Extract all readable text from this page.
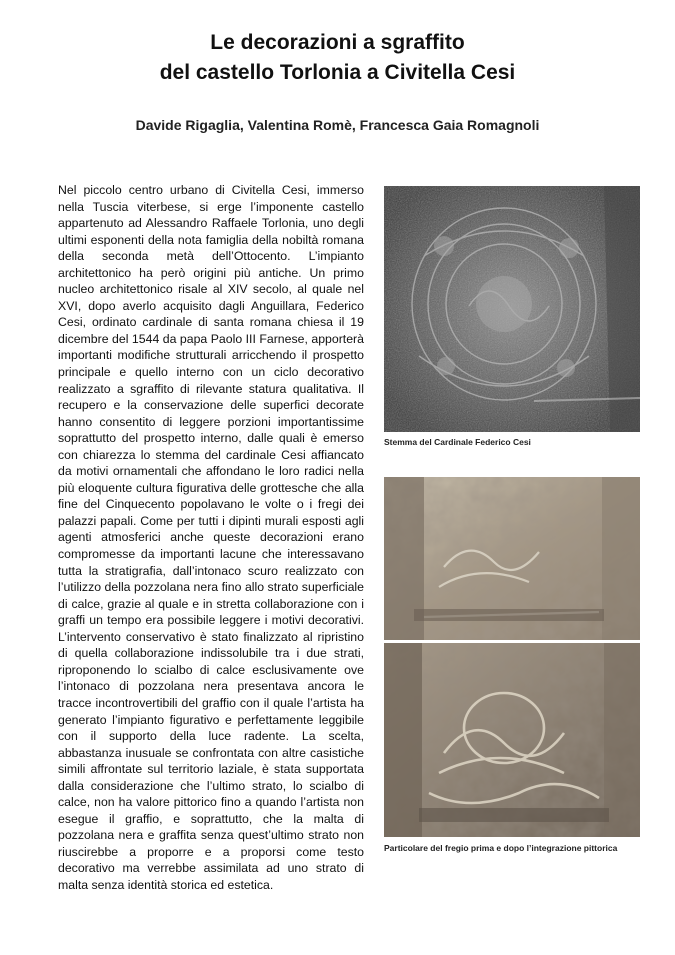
Le decorazioni a sgraffito
del castello Torlonia a Civitella Cesi
Davide Rigaglia, Valentina Romè, Francesca Gaia Romagnoli
Nel piccolo centro urbano di Civitella Cesi, immerso nella Tuscia viterbese, si erge l’imponente castello appartenuto ad Alessandro Raffaele Torlonia, uno degli ultimi esponenti della nota famiglia della nobiltà romana della seconda metà dell’Ottocento. L’impianto architettonico ha però origini più antiche. Un primo nucleo architettonico risale al XIV secolo, al quale nel XVI, dopo averlo acquisito dagli Anguillara, Federico Cesi, ordinato cardinale di santa romana chiesa il 19 dicembre del 1544 da papa Paolo III Farnese, apporterà importanti modifiche strutturali arricchendo il prospetto principale e quello interno con un ciclo decorativo realizzato a sgraffito di rilevante statura qualitativa. Il recupero e la conservazione delle superfici decorate hanno consentito di leggere porzioni importantissime soprattutto del prospetto interno, dalle quali è emerso con chiarezza lo stemma del cardinale Cesi affiancato da motivi ornamentali che affondano le loro radici nella più eloquente cultura figurativa delle grottesche che alla fine del Cinquecento popolavano le volte o i fregi dei palazzi papali. Come per tutti i dipinti murali esposti agli agenti atmosferici anche queste decorazioni erano compromesse da importanti lacune che interessavano tutta la stratigrafia, dall’intonaco scuro realizzato con l’utilizzo della pozzolana nera fino allo strato superficiale di calce, grazie al quale e in stretta collaborazione con i graffi un tempo era possibile leggere i motivi decorativi. L’intervento conservativo è stato finalizzato al ripristino di quella collaborazione indissolubile tra i due strati, riproponendo lo scialbo di calce esclusivamente ove l’intonaco di pozzolana nera presentava ancora le tracce incontrovertibili del graffio con il quale l’artista ha generato l’impianto figurativo e perfettamente leggibile con il supporto della luce radente. La scelta, abbastanza inusuale se confrontata con altre casistiche simili affrontate sul territorio laziale, è stata supportata dalla considerazione che l’ultimo strato, lo scialbo di calce, non ha valore pittorico fino a quando l’artista non esegue il graffio, e soprattutto, che la malta di pozzolana nera e graffita senza quest’ultimo strato non riuscirebbe a proporre e a proporsi come testo decorativo ma verrebbe assimilata ad uno strato di malta senza identità storica ed estetica.
Stemma del Cardinale Federico Cesi
Particolare del fregio prima e dopo l’integrazione pittorica
